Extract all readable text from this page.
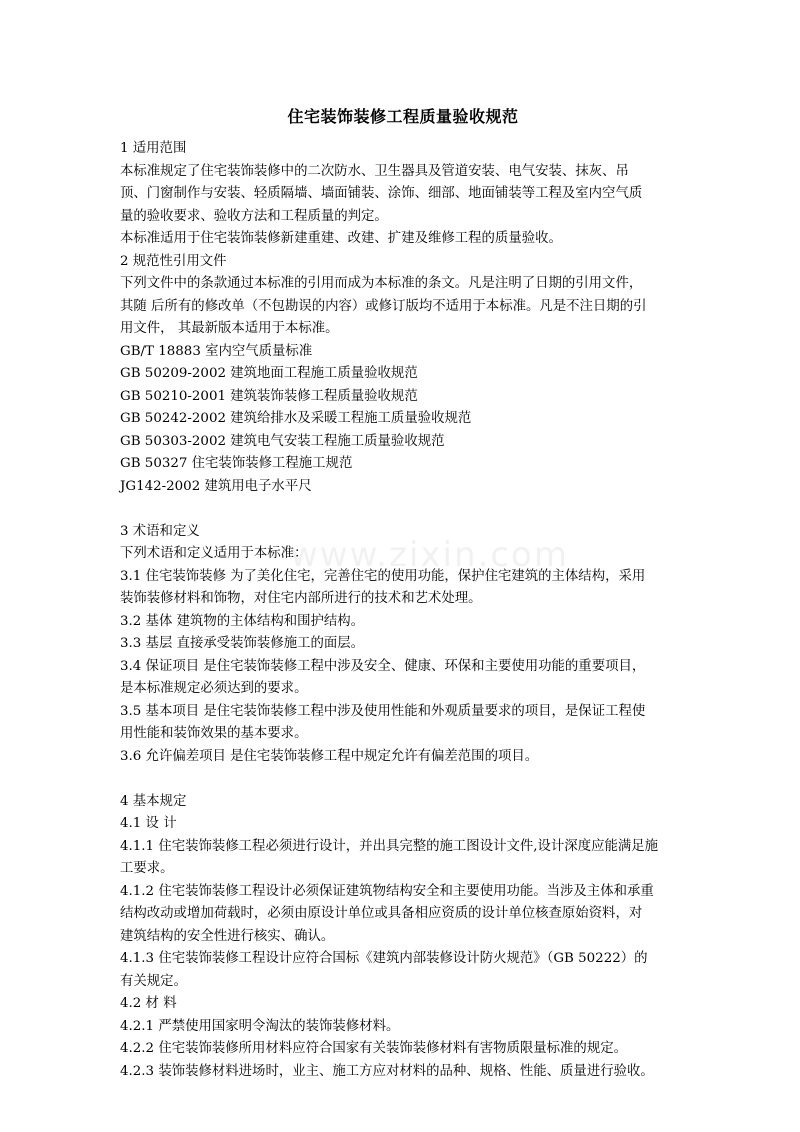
www.zixin.com
住宅装饰装修工程质量验收规范

1 适用范围

本标准规定了住宅装饰装修中的二次防水、卫生器具及管道安装、电气安装、抹灰、吊

顶、门窗制作与安装、轻质隔墙、墙面铺装、涂饰、细部、地面铺装等工程及室内空气质

量的验收要求、验收方法和工程质量的判定。

本标准适用于住宅装饰装修新建重建、改建、扩建及维修工程的质量验收。

2 规范性引用文件

下列文件中的条款通过本标准的引用而成为本标准的条文。凡是注明了日期的引用文件，

其随 后所有的修改单（不包勘误的内容）或修订版均不适用于本标准。凡是不注日期的引

用文件， 其最新版本适用于本标准。

GB/T 18883 室内空气质量标准

GB 50209-2002 建筑地面工程施工质量验收规范

GB 50210-2001 建筑装饰装修工程质量验收规范

GB 50242-2002 建筑给排水及采暖工程施工质量验收规范

GB 50303-2002 建筑电气安装工程施工质量验收规范

GB 50327 住宅装饰装修工程施工规范

JG142-2002 建筑用电子水平尺

3 术语和定义

下列术语和定义适用于本标准：

3.1 住宅装饰装修 为了美化住宅，完善住宅的使用功能，保护住宅建筑的主体结构，采用

装饰装修材料和饰物，对住宅内部所进行的技术和艺术处理。

3.2 基体 建筑物的主体结构和围护结构。

3.3 基层 直接承受装饰装修施工的面层。

3.4 保证项目 是住宅装饰装修工程中涉及安全、健康、环保和主要使用功能的重要项目，

是本标准规定必须达到的要求。

3.5 基本项目 是住宅装饰装修工程中涉及使用性能和外观质量要求的项目，是保证工程使

用性能和装饰效果的基本要求。

3.6 允许偏差项目 是住宅装饰装修工程中规定允许有偏差范围的项目。

4 基本规定

4.1 设 计

4.1.1 住宅装饰装修工程必须进行设计，并出具完整的施工图设计文件,设计深度应能满足施

工要求。

4.1.2 住宅装饰装修工程设计必须保证建筑物结构安全和主要使用功能。当涉及主体和承重

结构改动或增加荷载时，必须由原设计单位或具备相应资质的设计单位核查原始资料，对

建筑结构的安全性进行核实、确认。

4.1.3 住宅装饰装修工程设计应符合国标《建筑内部装修设计防火规范》（GB 50222）的

有关规定。

4.2 材 料

4.2.1 严禁使用国家明令淘汰的装饰装修材料。

4.2.2 住宅装饰装修所用材料应符合国家有关装饰装修材料有害物质限量标准的规定。

4.2.3 装饰装修材料进场时，业主、施工方应对材料的品种、规格、性能、质量进行验收。
